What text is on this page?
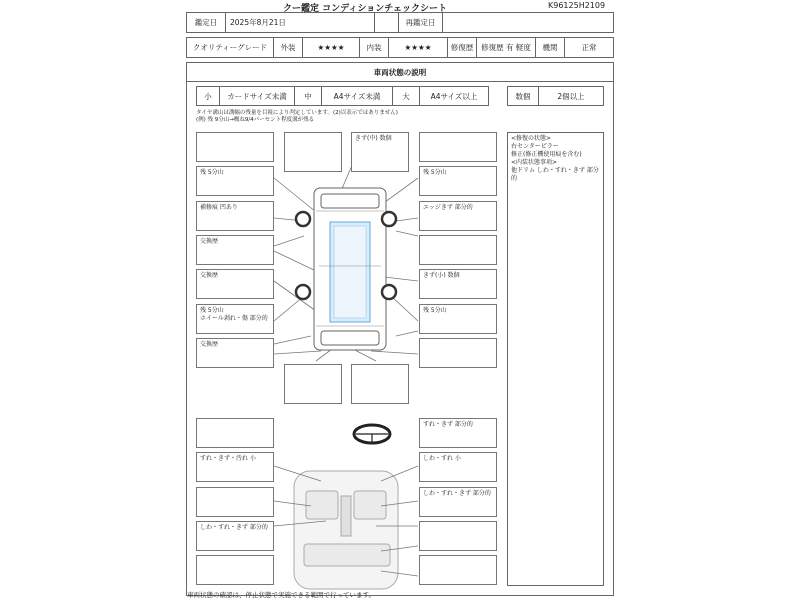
クー鑑定 コンディションチェックシート	K96125H2109
鑑定日	2025年8月21日	再鑑定日
クオリティーグレード	外装	★★★★	内装	★★★★	修復歴	修復歴 有 軽度	機関	正常
車両状態の説明
小	カードサイズ未満	中	A4サイズ未満	大	A4サイズ以上	数個	2個以上
タイヤ溝山は溝幅の残量を目視により判定しています。(2)以表示ではありません)
(例) 残 9分山→概ね9/4パーセント程度溝が残る
きず(中) 数個
残 5分山
補修痕 凹あり
交換歴
交換歴
残 5分山
ホイール剥れ・傷 部分的
交換歴
すれ・きず・汚れ 小
しわ・すれ・きず 部分的
残 5分山
エッジきず 部分的
きず(小) 数個
残 5分山
すれ・きず 部分的
しわ・すれ 小
しわ・すれ・きず 部分的
<修復の状態>
右センターピラー
修正(修正機使用痕を含む)
<内装状態事項>
他ドリム しわ・すれ・きず 部分的
車両状態の確認は、停止状態で実施できる範囲で行っています。
